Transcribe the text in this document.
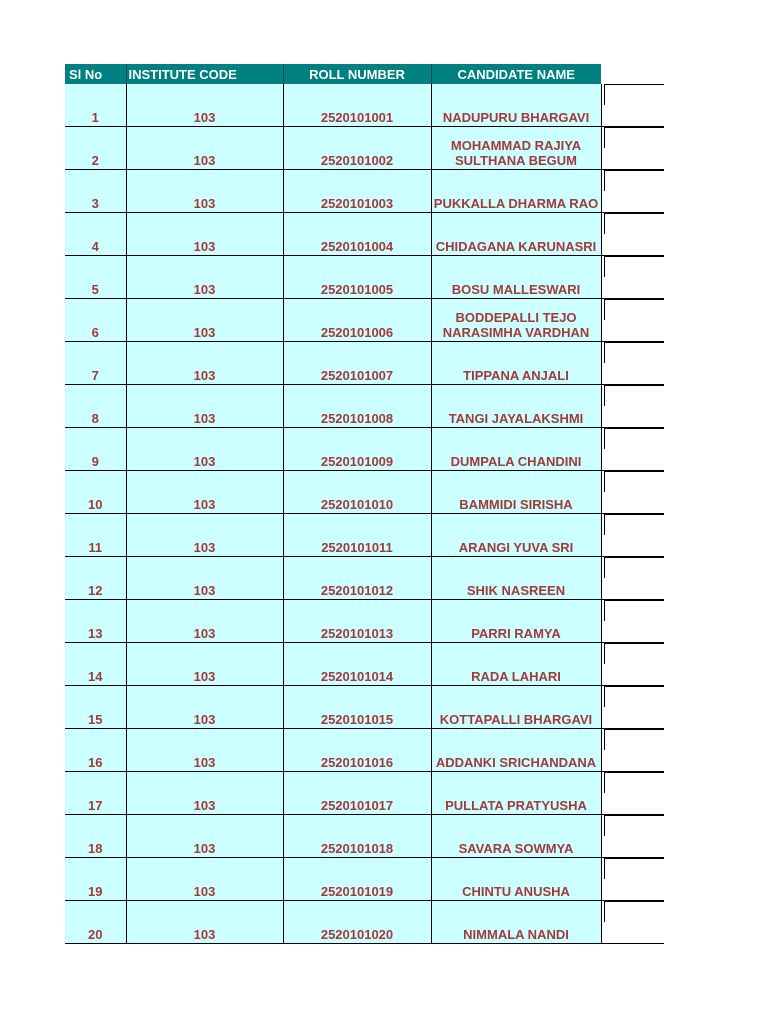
Sl No	INSTITUTE CODE	ROLL NUMBER	CANDIDATE NAME	
1	103	2520101001	NADUPURU BHARGAVI	

2	103	2520101002	MOHAMMAD RAJIYA SULTHANA BEGUM	

3	103	2520101003	PUKKALLA DHARMA RAO	

4	103	2520101004	CHIDAGANA KARUNASRI	

5	103	2520101005	BOSU MALLESWARI	

6	103	2520101006	BODDEPALLI TEJO NARASIMHA VARDHAN	

7	103	2520101007	TIPPANA ANJALI	

8	103	2520101008	TANGI JAYALAKSHMI	

9	103	2520101009	DUMPALA CHANDINI	

10	103	2520101010	BAMMIDI SIRISHA	

11	103	2520101011	ARANGI YUVA SRI	

12	103	2520101012	SHIK NASREEN	

13	103	2520101013	PARRI RAMYA	

14	103	2520101014	RADA LAHARI	

15	103	2520101015	KOTTAPALLI BHARGAVI	

16	103	2520101016	ADDANKI SRICHANDANA	

17	103	2520101017	PULLATA PRATYUSHA	

18	103	2520101018	SAVARA SOWMYA	

19	103	2520101019	CHINTU ANUSHA	

20	103	2520101020	NIMMALA NANDI	
